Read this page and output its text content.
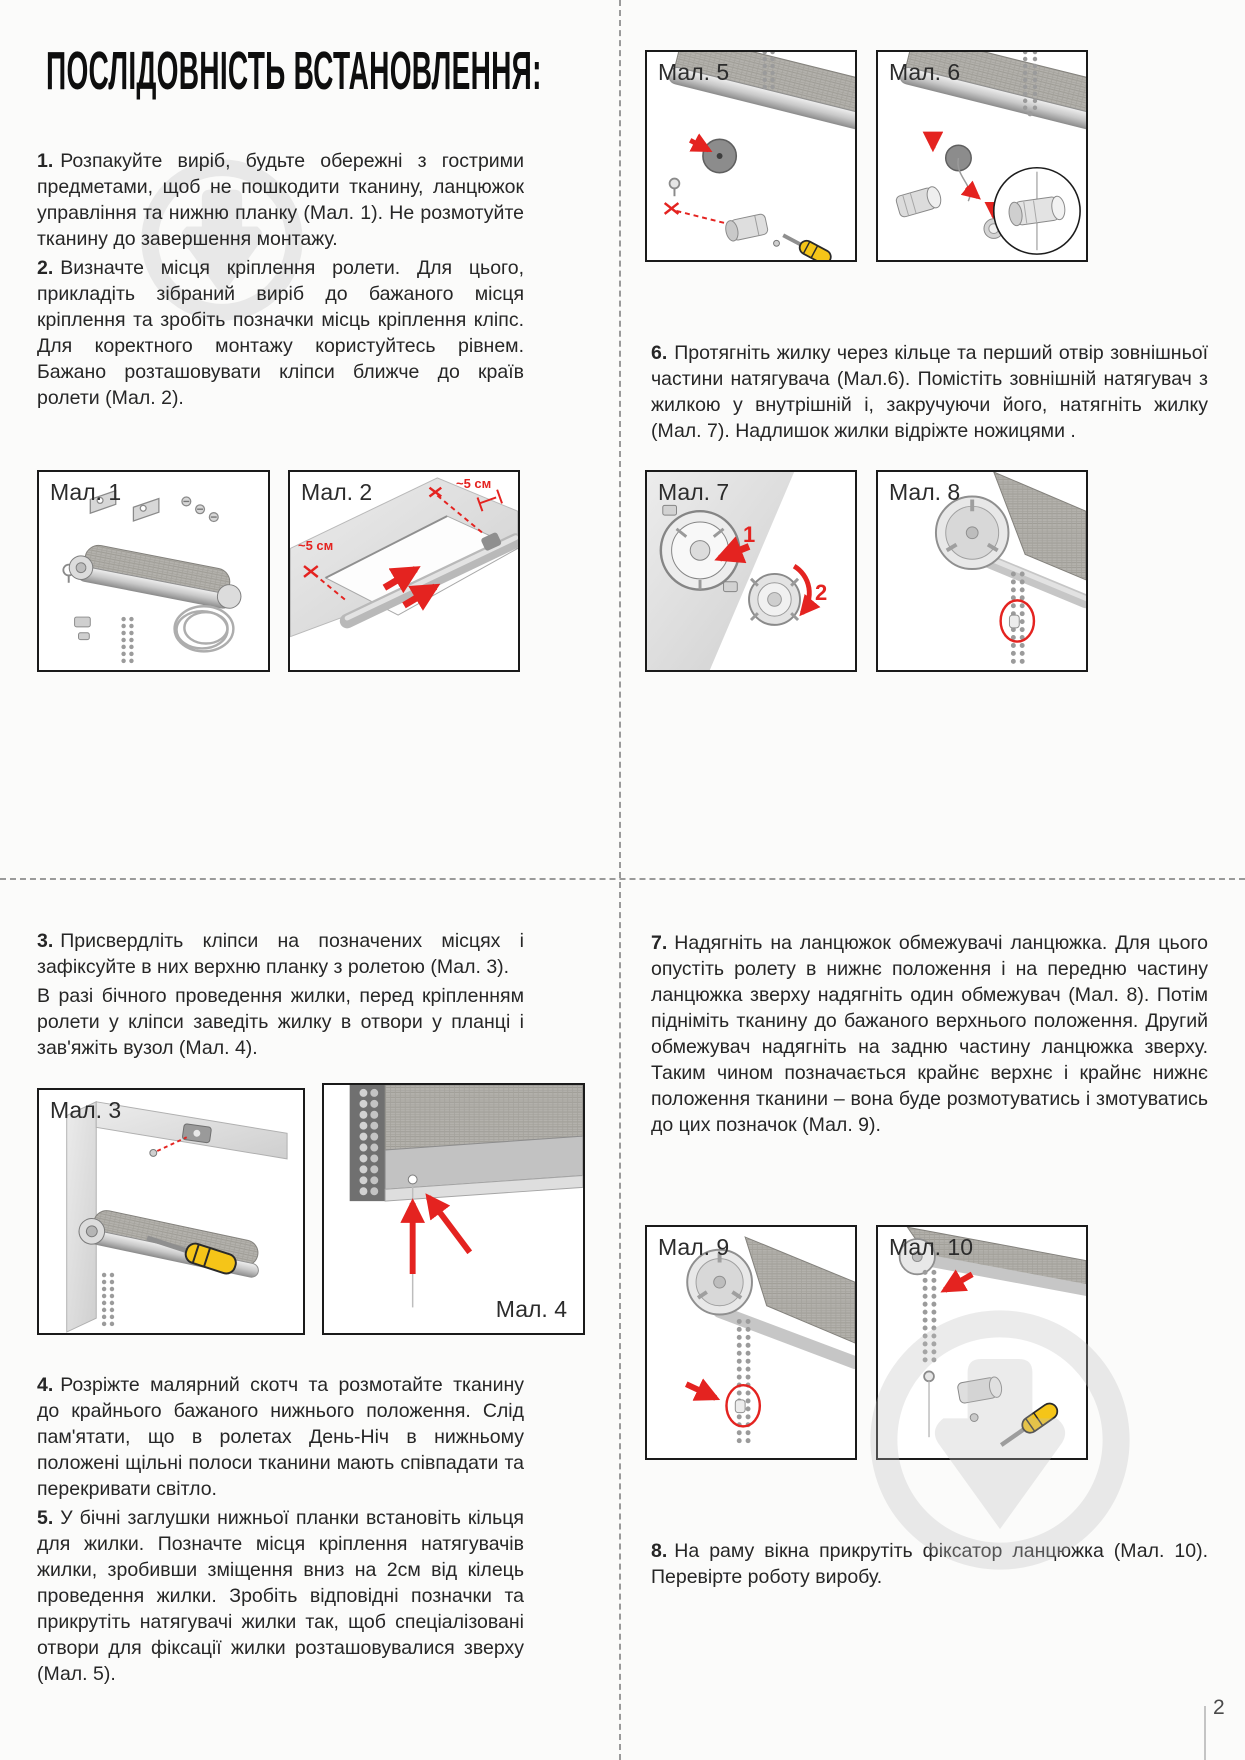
ПОСЛІДОВНІСТЬ ВСТАНОВЛЕННЯ:

1. Розпакуйте виріб, будьте обережні з гострими предметами, щоб не пошкодити тканину, ланцюжок управління та нижню планку (Мал. 1). Не розмотуйте тканину до завершення монтажу.

2. Визначте місця кріплення ролети. Для цього, прикладіть зібраний виріб до бажаного місця кріплення та зробіть позначки місць кріплення кліпс. Для коректного монтажу користуйтесь рівнем. Бажано розташовувати кліпси ближче до країв ролети (Мал. 2).

6. Протягніть жилку через кільце та перший отвір зовнішньої частини натягувача (Мал.6). Помістіть зовнішній натягувач з жилкою у внутрішній і, закручуючи його, натягніть жилку (Мал. 7). Надлишок жилки відріжте ножицями .

3. Присвердліть кліпси на позначених місцях і зафіксуйте в них верхню планку з ролетою (Мал. 3).

В разі бічного проведення жилки, перед кріпленням ролети у кліпси заведіть жилку в отвори у планці і зав'яжіть вузол (Мал. 4).

4. Розріжте малярний скотч та розмотайте тканину до крайнього бажаного нижнього положення. Слід пам'ятати, що в ролетах День-Ніч в нижньому положені щільні полоси тканини мають співпадати та перекривати світло.

5. У бічні заглушки нижньої планки встановіть кільця для жилки. Позначте місця кріплення натягувачів жилки, зробивши зміщення вниз на 2см від кілець проведення жилки. Зробіть відповідні позначки та прикрутіть натягувачі жилки так, щоб спеціалізовані отвори для фіксації жилки розташовувалися зверху (Мал. 5).

7. Надягніть на ланцюжок обмежувачі ланцюжка. Для цього опустіть ролету в нижнє положення і на передню частину ланцюжка зверху надягніть один обмежувач (Мал. 8). Потім підніміть тканину до бажаного верхнього положення. Другий обмежувач надягніть на задню частину ланцюжка зверху. Таким чином позначається крайнє верхнє і крайнє нижнє положення тканини – вона буде розмотуватись і змотуватись до цих позначок (Мал. 9).

8. На раму вікна прикрутіть фіксатор ланцюжка (Мал. 10). Перевірте роботу виробу.

Мал. 1	Мал. 2	~5 см
~5 см
Мал. 5	Мал. 6
Мал. 7
1
2
Мал. 8
Мал. 3
Мал. 4
Мал. 9	Мал. 10
2
